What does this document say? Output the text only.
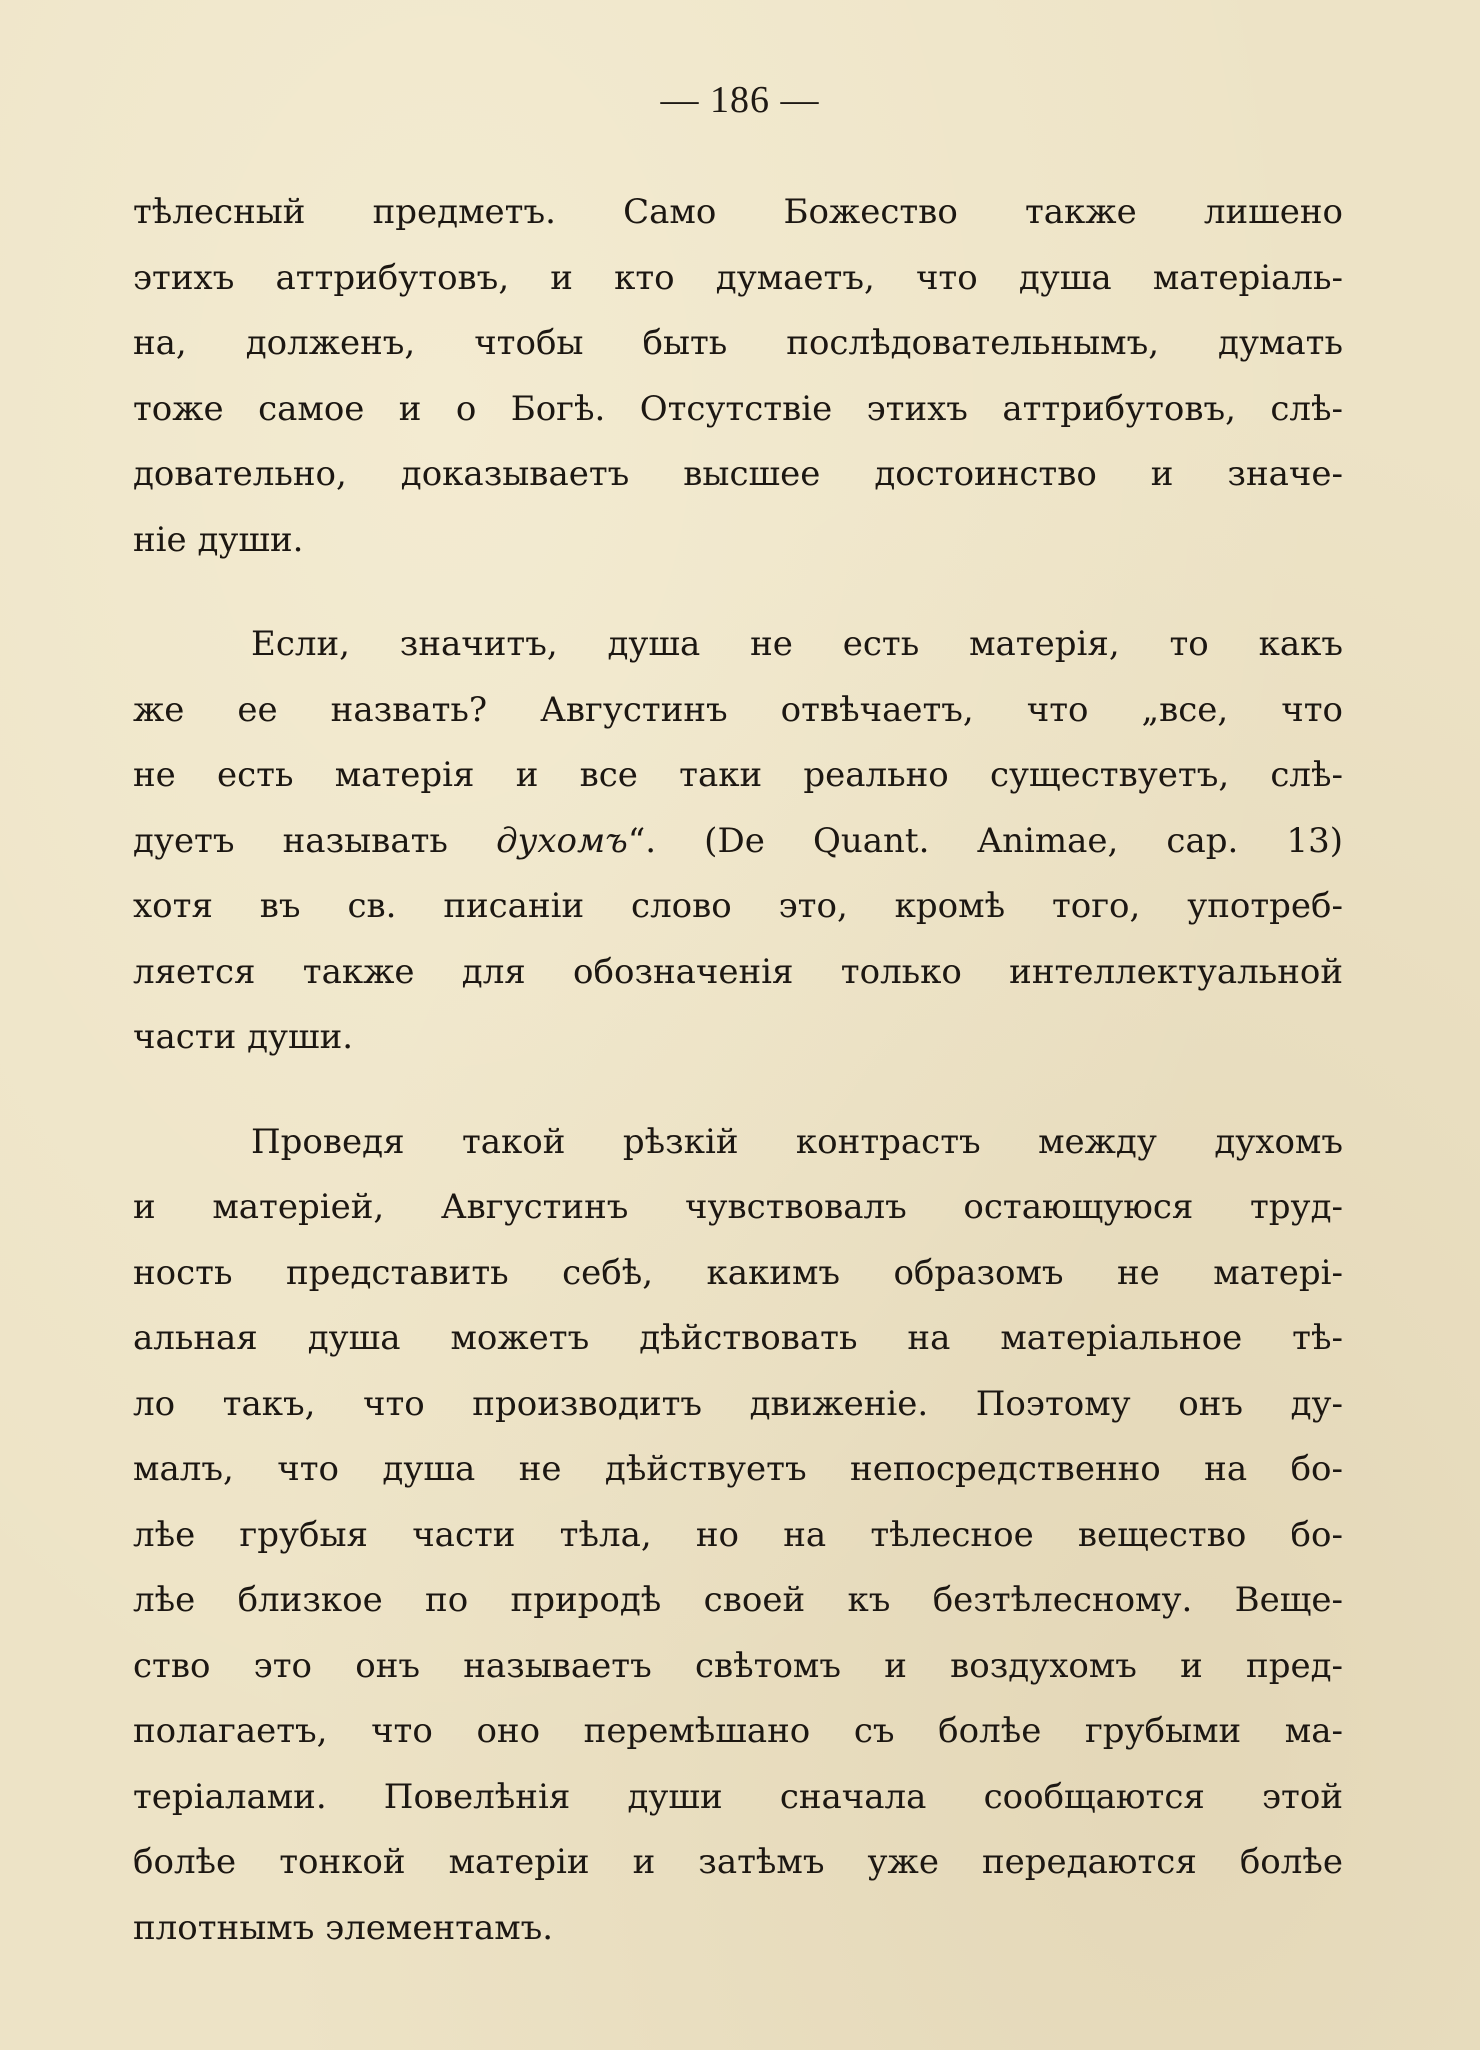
— 186 —
тѣлесный предметъ. Само Божество также лишено
этихъ аттрибутовъ, и кто думаетъ, что душа матеріаль-
на, долженъ, чтобы быть послѣдовательнымъ, думать
тоже самое и о Богѣ. Отсутствіе этихъ аттрибутовъ, слѣ-
довательно, доказываетъ высшее достоинство и значе-
ніе души.
Если, значитъ, душа не есть матерія, то какъ
же ее назвать? Августинъ отвѣчаетъ, что „все, что
не есть матерія и все таки реально существуетъ, слѣ-
дуетъ называть духомъ“. (De Quant. Animae, cap. 13)
хотя въ св. писаніи слово это, кромѣ того, употреб-
ляется также для обозначенія только интеллектуальной
части души.
Проведя такой рѣзкій контрастъ между духомъ
и матеріей, Августинъ чувствовалъ остающуюся труд-
ность представить себѣ, какимъ образомъ не матері-
альная душа можетъ дѣйствовать на матеріальное тѣ-
ло такъ, что производитъ движеніе. Поэтому онъ ду-
малъ, что душа не дѣйствуетъ непосредственно на бо-
лѣе грубыя части тѣла, но на тѣлесное вещество бо-
лѣе близкое по природѣ своей къ безтѣлесному. Веще-
ство это онъ называетъ свѣтомъ и воздухомъ и пред-
полагаетъ, что оно перемѣшано съ болѣе грубыми ма-
теріалами. Повелѣнія души сначала сообщаются этой
болѣе тонкой матеріи и затѣмъ уже передаются болѣе
плотнымъ элементамъ.
